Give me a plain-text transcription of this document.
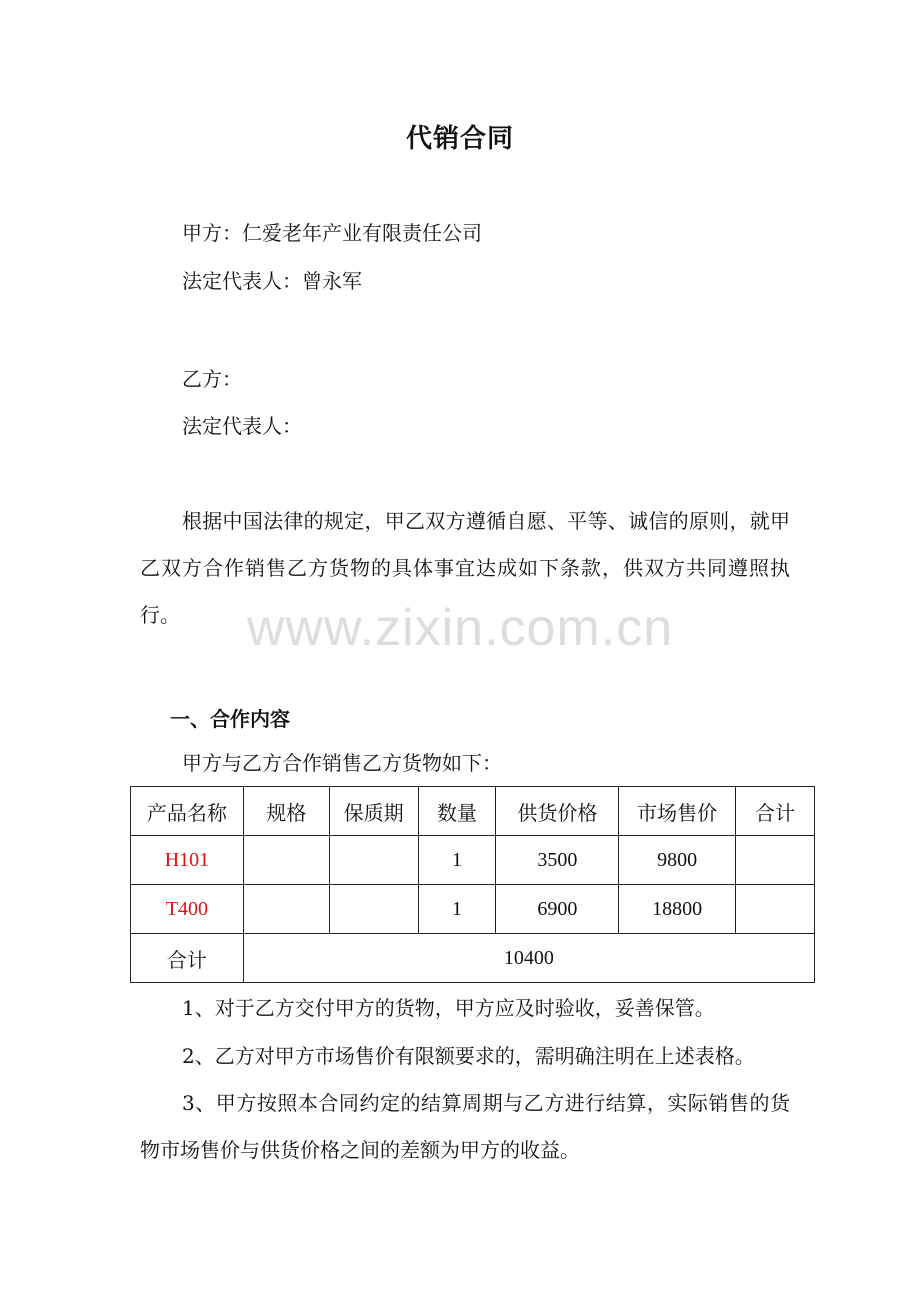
代销合同
甲方：仁爱老年产业有限责任公司
法定代表人：曾永军
乙方：
法定代表人：
根据中国法律的规定，甲乙双方遵循自愿、平等、诚信的原则，就甲乙双方合作销售乙方货物的具体事宜达成如下条款，供双方共同遵照执行。	www.zixin.com.cn
一、合作内容
甲方与乙方合作销售乙方货物如下：
产品名称	规格	保质期	数量	供货价格	市场售价	合计
H101			1	3500	9800	
T400			1	6900	18800	
合计	10400					
1、对于乙方交付甲方的货物，甲方应及时验收，妥善保管。
2、乙方对甲方市场售价有限额要求的，需明确注明在上述表格。
3、甲方按照本合同约定的结算周期与乙方进行结算，实际销售的货物市场售价与供货价格之间的差额为甲方的收益。
